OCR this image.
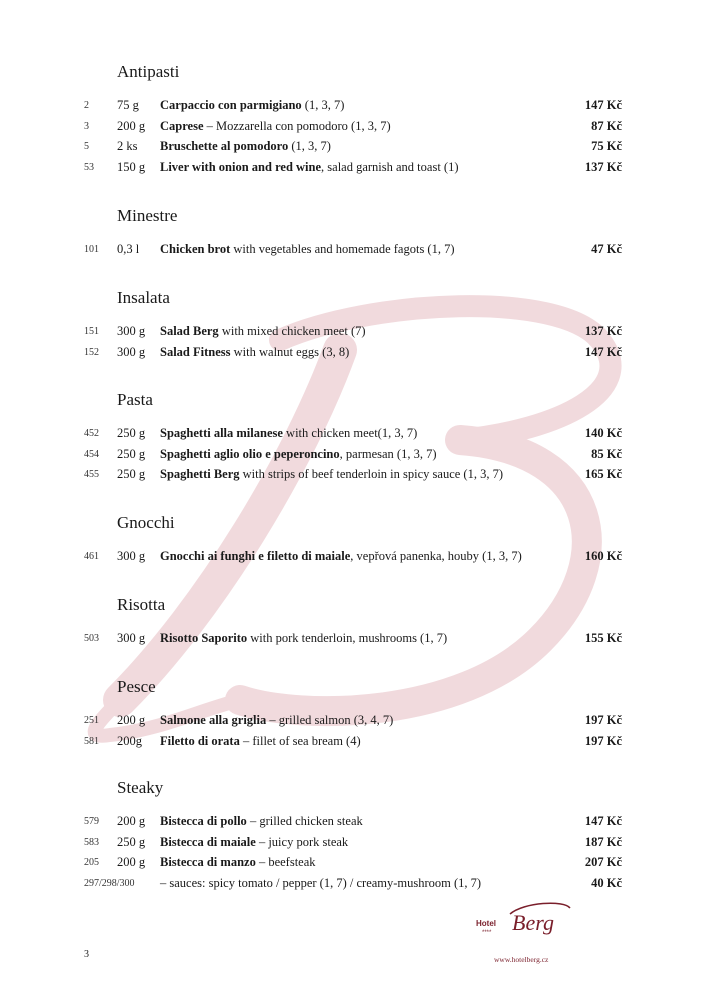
Antipasti
2 75 g Carpaccio con parmigiano (1, 3, 7)	147 Kč
3 200 g Caprese – Mozzarella con pomodoro (1, 3, 7)	87 Kč
5 2 ks Bruschette al pomodoro (1, 3, 7)	75 Kč
53 150 g Liver with onion and red wine, salad garnish and toast (1)	137 Kč
Minestre
101 0,3 l Chicken brot with vegetables and homemade fagots (1, 7)	47 Kč
Insalata
151 300 g Salad Berg with mixed chicken meet (7)	137 Kč
152 300 g Salad Fitness with walnut eggs (3, 8)	147 Kč
Pasta
452 250 g Spaghetti alla milanese with chicken meet(1, 3, 7)	140 Kč
454 250 g Spaghetti aglio olio e peperoncino, parmesan (1, 3, 7)	85 Kč
455 250 g Spaghetti Berg with strips of beef tenderloin in spicy sauce (1, 3, 7)	165 Kč
Gnocchi
461 300 g Gnocchi ai funghi e filetto di maiale, vepřová panenka, houby (1, 3, 7)	160 Kč
Risotta
503 300 g Risotto Saporito with pork tenderloin, mushrooms (1, 7)	155 Kč
Pesce
251 200 g Salmone alla griglia – grilled salmon (3, 4, 7)	197 Kč
581 200g Filetto di orata – fillet of sea bream (4)	197 Kč
Steaky
579 200 g Bistecca di pollo – grilled chicken steak	147 Kč
583 250 g Bistecca di maiale – juicy pork steak	187 Kč
205 200 g Bistecca di manzo – beefsteak	207 Kč
297/298/300 – sauces: spicy tomato / pepper (1, 7) / creamy-mushroom (1, 7)	40 Kč
3
Hotel Berg
****
www.hotelberg.cz
